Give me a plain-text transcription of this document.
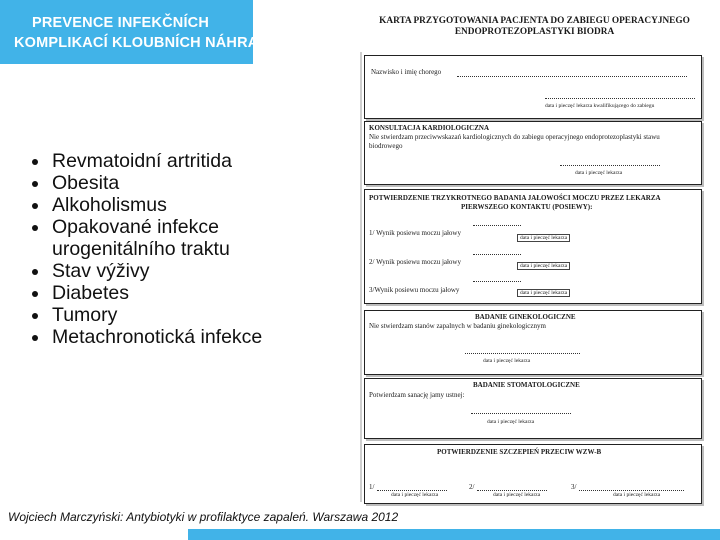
PREVENCE INFEKČNÍCH
KOMPLIKACÍ KLOUBNÍCH NÁHRAD
• Revmatoidní artritida
• Obesita
• Alkoholismus
• Opakované infekce urogenitálního traktu
• Stav výživy
• Diabetes
• Tumory
• Metachronotická infekce
KARTA PRZYGOTOWANIA PACJENTA DO ZABIEGU OPERACYJNEGO
ENDOPROTEZOPLASTYKI BIODRA
Nazwisko i imię chorego
data i pieczęć lekarza kwalifikującego do zabiegu
KONSULTACJA KARDIOLOGICZNA
Nie stwierdzam przeciwwskazań kardiologicznych do zabiegu operacyjnego endoprotezoplastyki stawu
biodrowego
data i pieczęć lekarza
POTWIERDZENIE TRZYKROTNEGO BADANIA JAŁOWOŚCI MOCZU PRZEZ LEKARZA
PIERWSZEGO KONTAKTU (POSIEWY):
1/ Wynik posiewu moczu jałowy
data i pieczęć lekarza
2/ Wynik posiewu moczu jałowy	data i pieczęć lekarza
3/Wynik posiewu moczu jałowy	data i pieczęć lekarza
BADANIE GINEKOLOGICZNE
Nie stwierdzam stanów zapalnych w badaniu ginekologicznym
data i pieczęć lekarza
BADANIE STOMATOLOGICZNE
Potwierdzam sanację jamy ustnej:
data i pieczęć lekarza
POTWIERDZENIE SZCZEPIEŃ PRZECIW WZW-B
1/
data i pieczęć lekarza
2/
data i pieczęć lekarza
3/
data i pieczęć lekarza
Wojciech Marczyński: Antybiotyki w profilaktyce zapaleń. Warszawa 2012
